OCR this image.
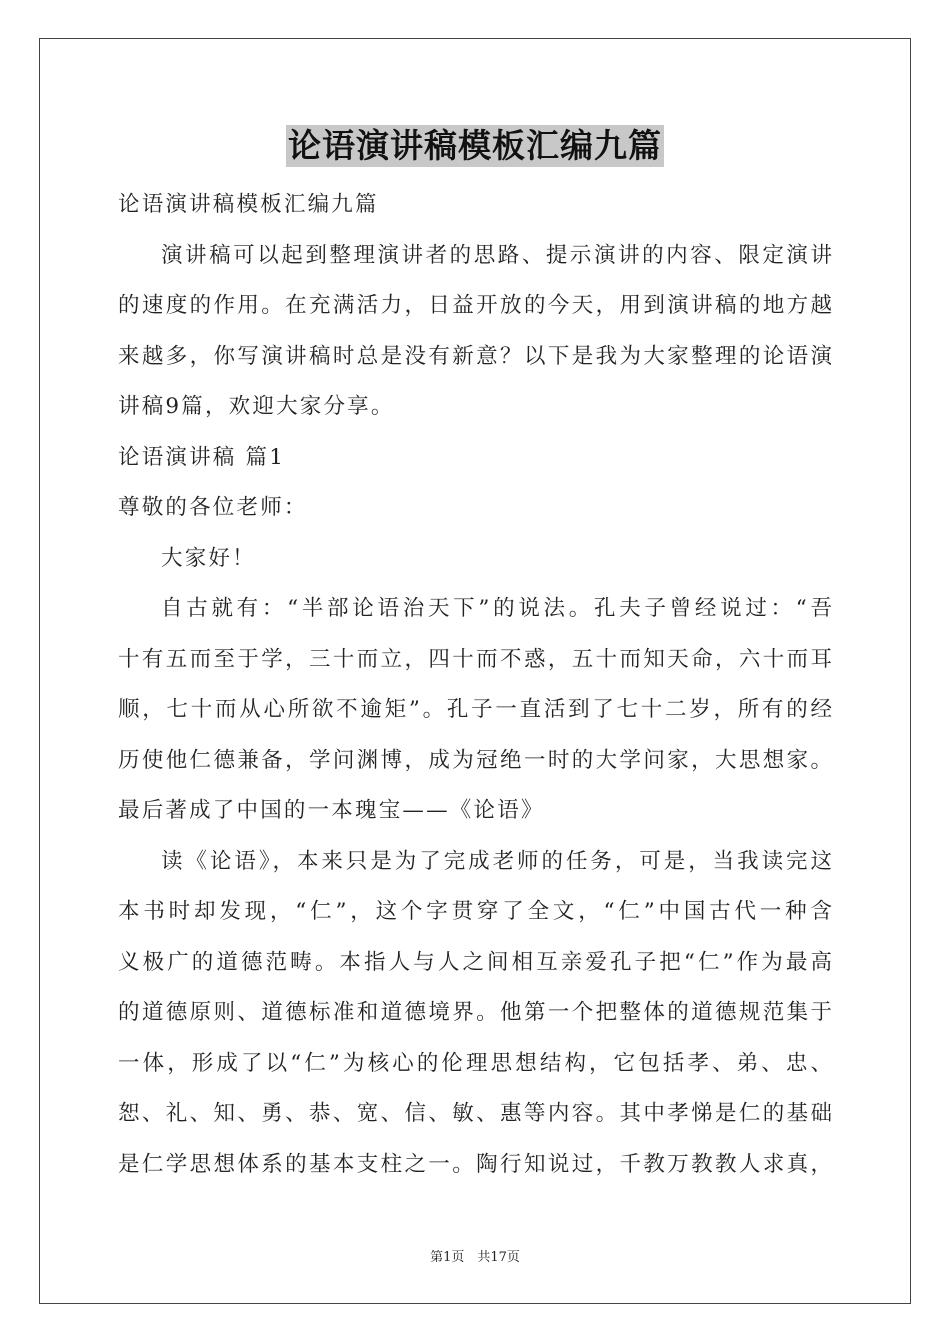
论语演讲稿模板汇编九篇
论语演讲稿模板汇编九篇
演讲稿可以起到整理演讲者的思路、提示演讲的内容、限定演讲
的速度的作用。在充满活力，日益开放的今天，用到演讲稿的地方越
来越多，你写演讲稿时总是没有新意？以下是我为大家整理的论语演
讲稿9篇，欢迎大家分享。
论语演讲稿 篇1
尊敬的各位老师：
大家好！
自古就有：“半部论语治天下”的说法。孔夫子曾经说过：“吾
十有五而至于学，三十而立，四十而不惑，五十而知天命，六十而耳
顺，七十而从心所欲不逾矩”。孔子一直活到了七十二岁，所有的经
历使他仁德兼备，学问渊博，成为冠绝一时的大学问家，大思想家。
最后著成了中国的一本瑰宝——《论语》
读《论语》，本来只是为了完成老师的任务，可是，当我读完这
本书时却发现，“仁”，这个字贯穿了全文，“仁”中国古代一种含
义极广的道德范畴。本指人与人之间相互亲爱孔子把“仁”作为最高
的道德原则、道德标准和道德境界。他第一个把整体的道德规范集于
一体，形成了以“仁”为核心的伦理思想结构，它包括孝、弟、忠、
恕、礼、知、勇、恭、宽、信、敏、惠等内容。其中孝悌是仁的基础
是仁学思想体系的基本支柱之一。陶行知说过，千教万教教人求真，
第1页　共17页
